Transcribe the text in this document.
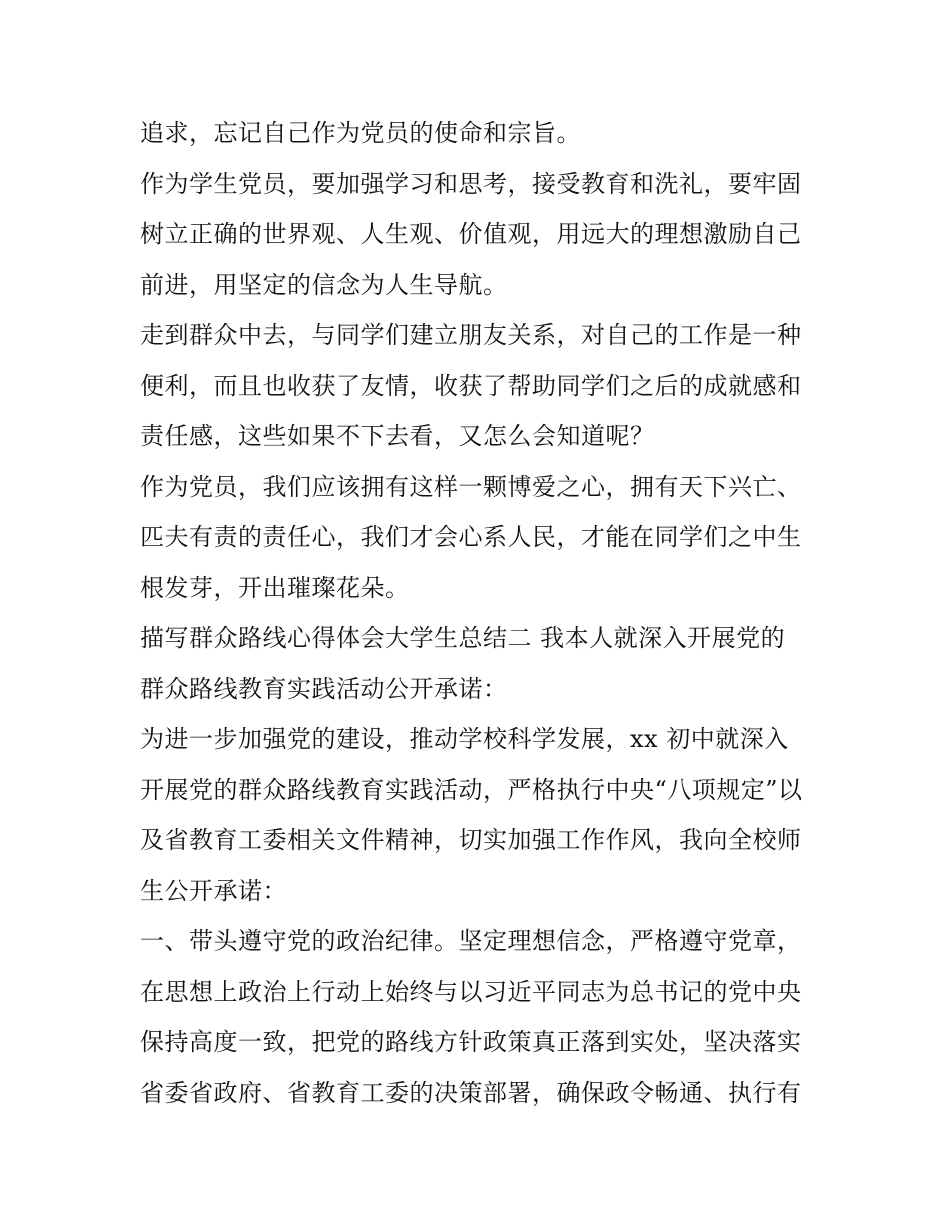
追求，忘记自己作为党员的使命和宗旨。
作为学生党员，要加强学习和思考，接受教育和洗礼，要牢固
树立正确的世界观、人生观、价值观，用远大的理想激励自己
前进，用坚定的信念为人生导航。
走到群众中去，与同学们建立朋友关系，对自己的工作是一种
便利，而且也收获了友情，收获了帮助同学们之后的成就感和
责任感，这些如果不下去看，又怎么会知道呢？
作为党员，我们应该拥有这样一颗博爱之心，拥有天下兴亡、
匹夫有责的责任心，我们才会心系人民，才能在同学们之中生
根发芽，开出璀璨花朵。
描写群众路线心得体会大学生总结二 我本人就深入开展党的
群众路线教育实践活动公开承诺：
为进一步加强党的建设，推动学校科学发展，xx 初中就深入
开展党的群众路线教育实践活动，严格执行中央“八项规定”以
及省教育工委相关文件精神，切实加强工作作风，我向全校师
生公开承诺：
一、带头遵守党的政治纪律。坚定理想信念，严格遵守党章，
在思想上政治上行动上始终与以习近平同志为总书记的党中央
保持高度一致，把党的路线方针政策真正落到实处，坚决落实
省委省政府、省教育工委的决策部署，确保政令畅通、执行有
